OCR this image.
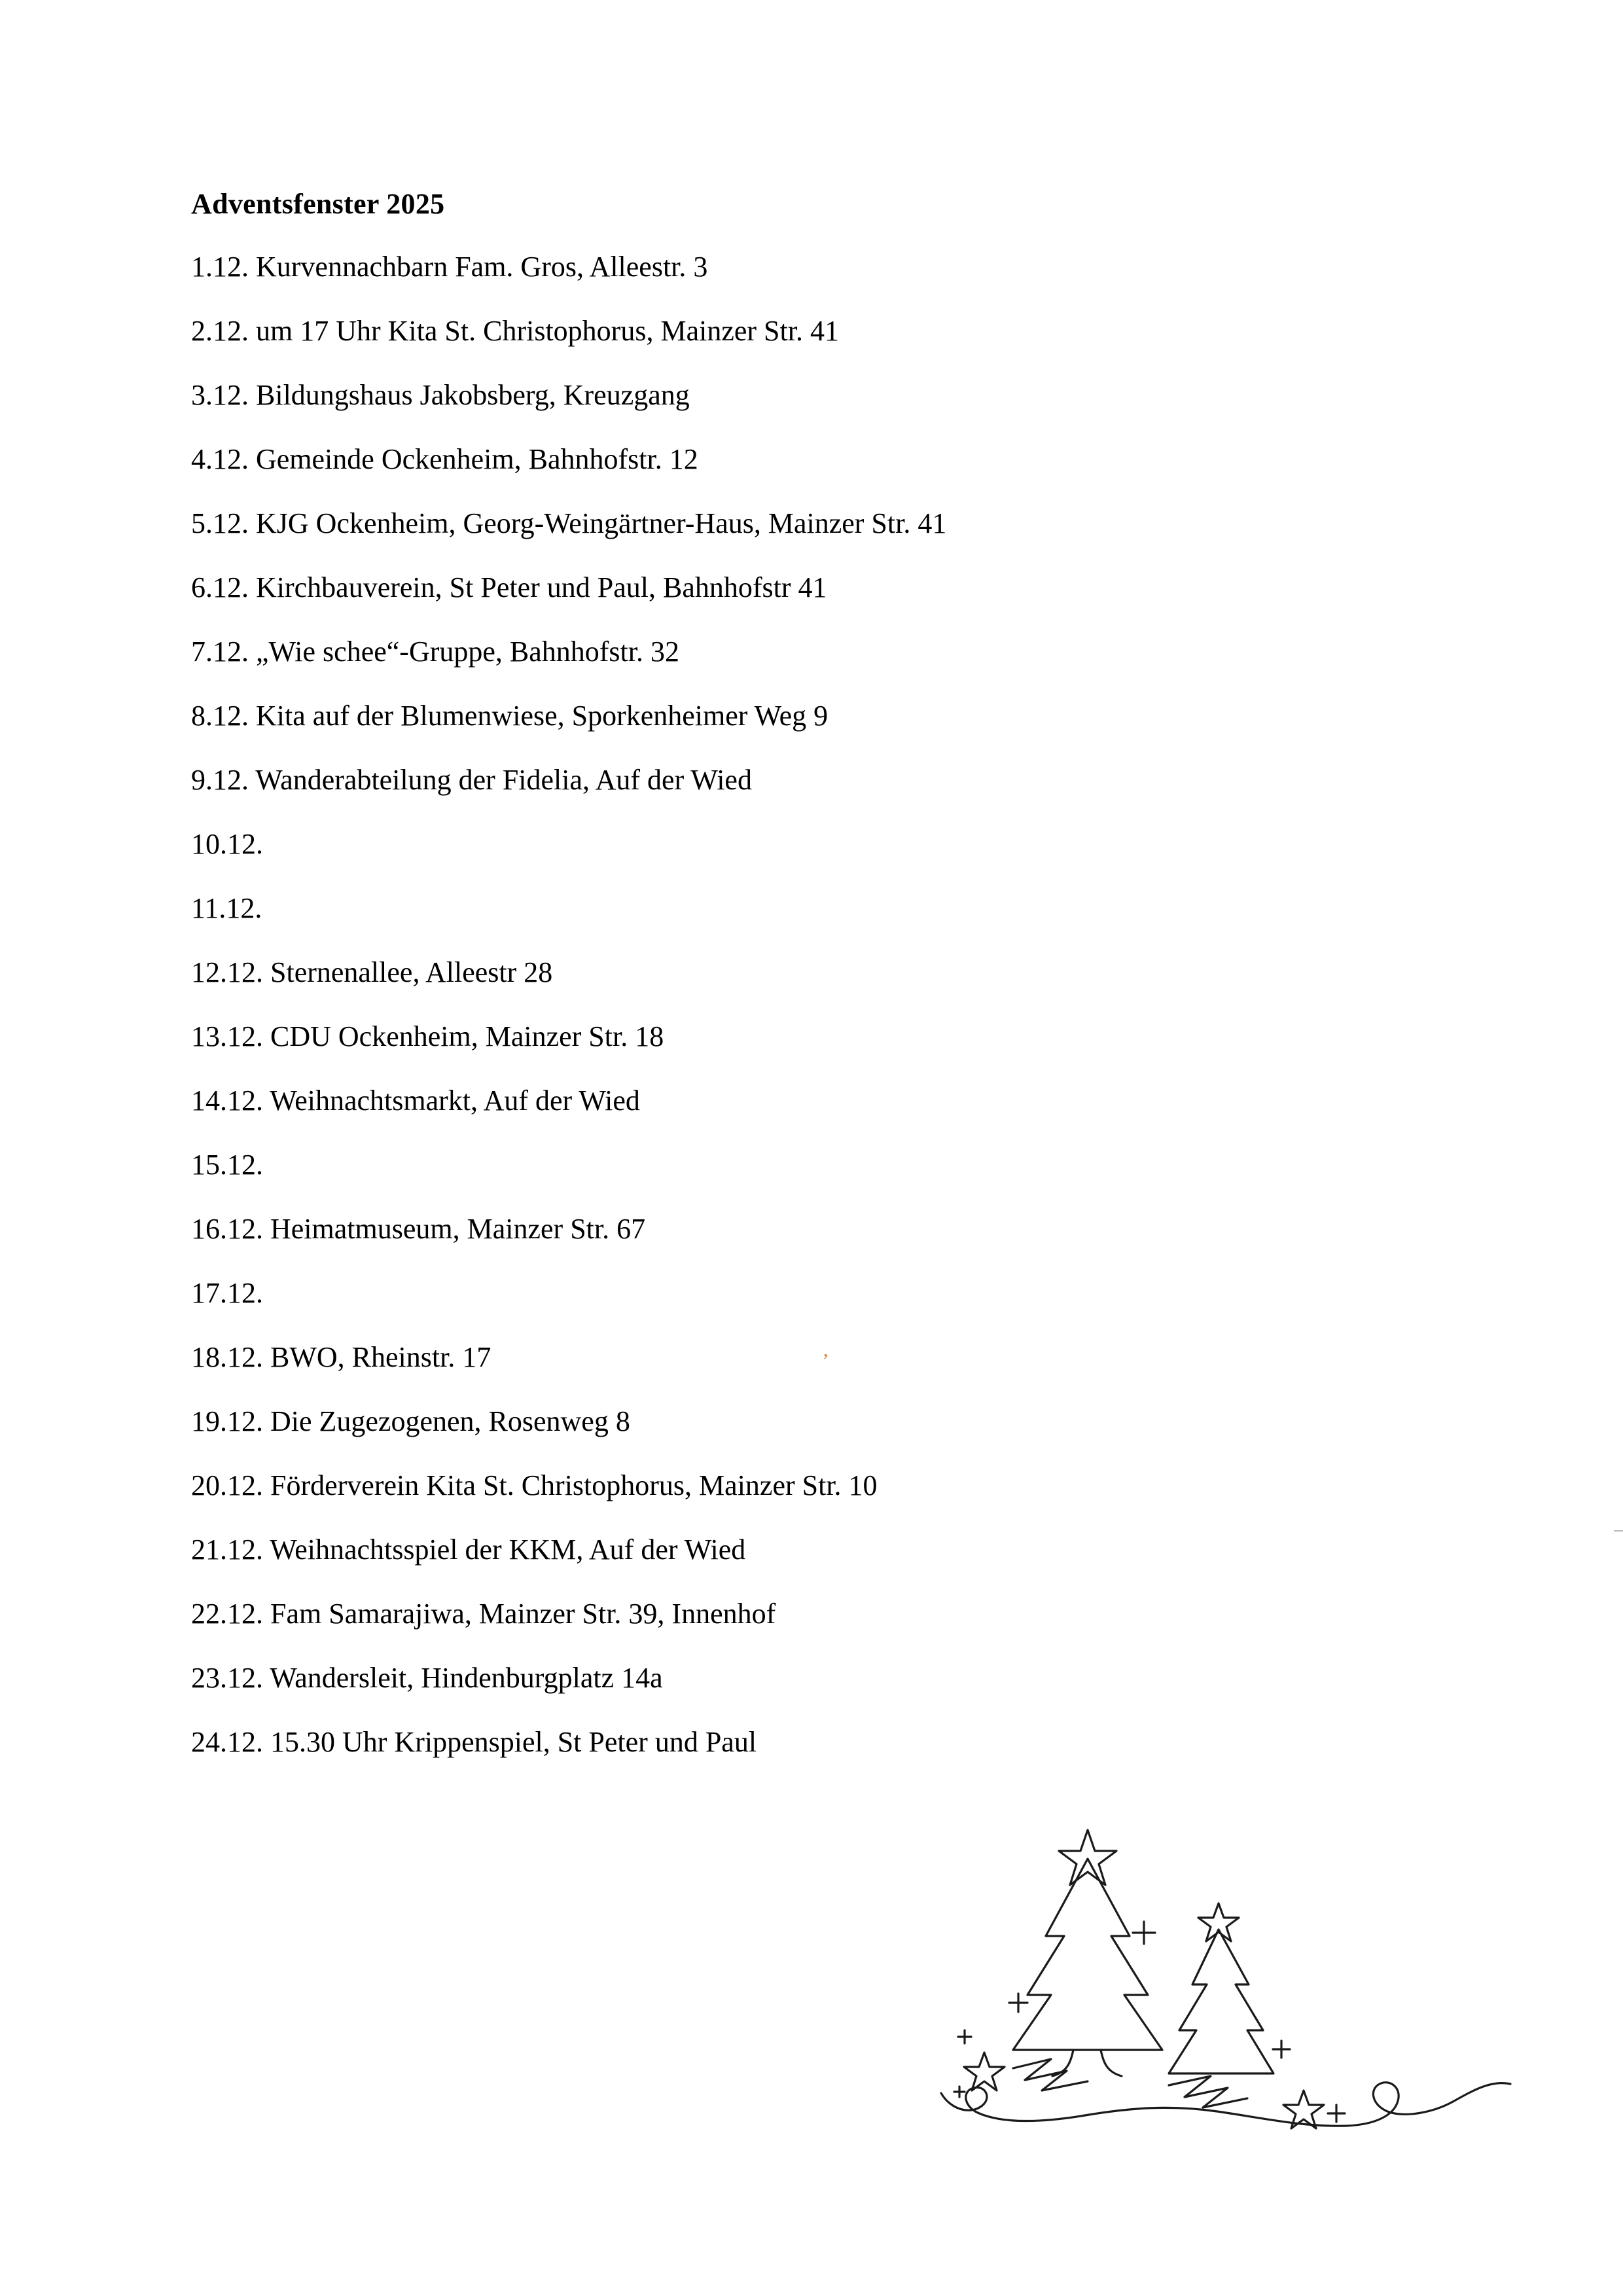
Adventsfenster 2025

1.12. Kurvennachbarn Fam. Gros, Alleestr. 3

2.12. um 17 Uhr Kita St. Christophorus, Mainzer Str. 41

3.12. Bildungshaus Jakobsberg, Kreuzgang

4.12. Gemeinde Ockenheim, Bahnhofstr. 12

5.12. KJG Ockenheim, Georg-Weingärtner-Haus, Mainzer Str. 41

6.12. Kirchbauverein, St Peter und Paul, Bahnhofstr 41

7.12. „Wie schee“-Gruppe, Bahnhofstr. 32

8.12. Kita auf der Blumenwiese, Sporkenheimer Weg 9

9.12. Wanderabteilung der Fidelia, Auf der Wied

10.12.

11.12.

12.12. Sternenallee, Alleestr 28

13.12. CDU Ockenheim, Mainzer Str. 18

14.12. Weihnachtsmarkt, Auf der Wied

15.12.

16.12. Heimatmuseum, Mainzer Str. 67

17.12.

18.12. BWO, Rheinstr. 17

19.12. Die Zugezogenen, Rosenweg 8

20.12. Förderverein Kita St. Christophorus, Mainzer Str. 10

21.12. Weihnachtsspiel der KKM, Auf der Wied

22.12. Fam Samarajiwa, Mainzer Str. 39, Innenhof

23.12. Wandersleit, Hindenburgplatz 14a

24.12. 15.30 Uhr Krippenspiel, St Peter und Paul

,
